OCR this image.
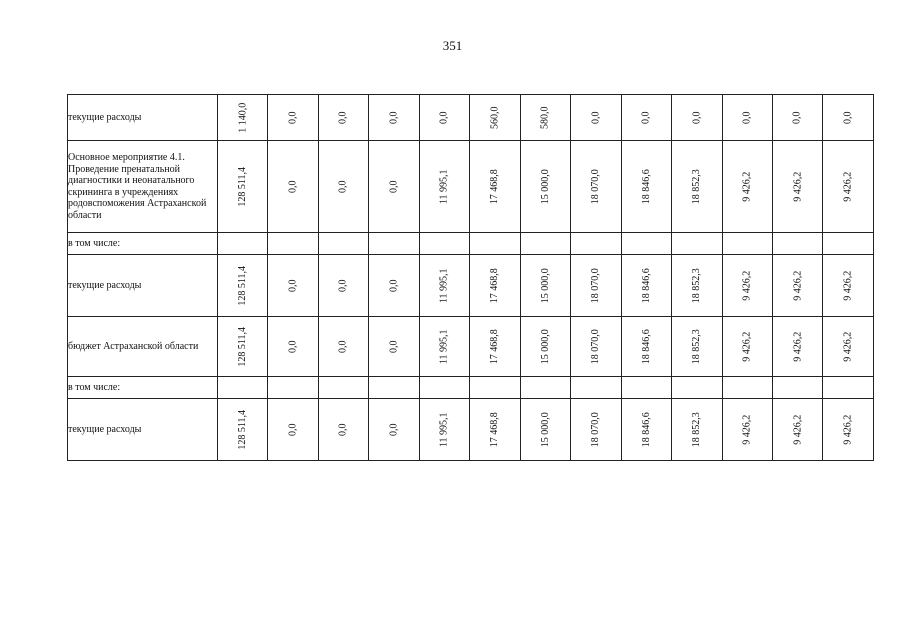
351
текущие расходы	1 140,0	0,0	0,0	0,0	0,0	560,0	580,0	0,0	0,0	0,0	0,0	0,0	0,0
Основное мероприятие 4.1. Проведение пренатальной диагностики и неонатального скрининга в учреждениях родовспоможения Астраханской области	128 511,4	0,0	0,0	0,0	11 995,1	17 468,8	15 000,0	18 070,0	18 846,6	18 852,3	9 426,2	9 426,2	9 426,2
в том числе:													
текущие расходы	128 511,4	0,0	0,0	0,0	11 995,1	17 468,8	15 000,0	18 070,0	18 846,6	18 852,3	9 426,2	9 426,2	9 426,2
бюджет Астраханской области	128 511,4	0,0	0,0	0,0	11 995,1	17 468,8	15 000,0	18 070,0	18 846,6	18 852,3	9 426,2	9 426,2	9 426,2
в том числе:													
текущие расходы	128 511,4	0,0	0,0	0,0	11 995,1	17 468,8	15 000,0	18 070,0	18 846,6	18 852,3	9 426,2	9 426,2	9 426,2
